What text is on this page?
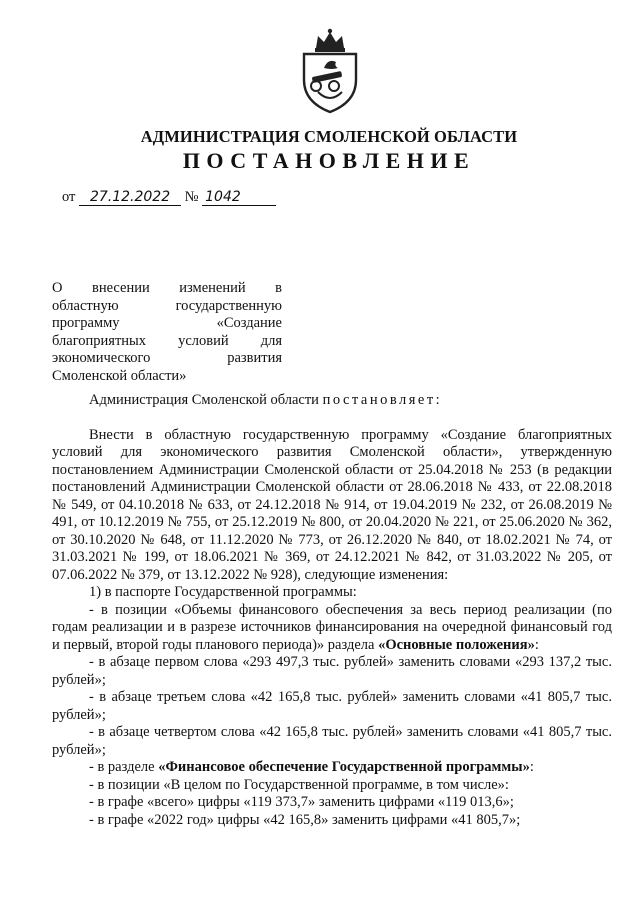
АДМИНИСТРАЦИЯ СМОЛЕНСКОЙ ОБЛАСТИ
ПОСТАНОВЛЕНИЕ
от 27.12.2022 № 1042
О внесении изменений в
областную государственную
программу «Создание
благоприятных условий для
экономического развития
Смоленской области»

Администрация Смоленской области постановляет:

Внести в областную государственную программу «Создание благоприятных условий для экономического развития Смоленской области», утвержденную постановлением Администрации Смоленской области от 25.04.2018 № 253 (в редакции постановлений Администрации Смоленской области от 28.06.2018 № 433, от 22.08.2018 № 549, от 04.10.2018 № 633, от 24.12.2018 № 914, от 19.04.2019 № 232, от 26.08.2019 № 491, от 10.12.2019 № 755, от 25.12.2019 № 800, от 20.04.2020 № 221, от 25.06.2020 № 362, от 30.10.2020 № 648, от 11.12.2020 № 773, от 26.12.2020 № 840, от 18.02.2021 № 74, от 31.03.2021 № 199, от 18.06.2021 № 369, от 24.12.2021 № 842, от 31.03.2022 № 205, от 07.06.2022 № 379, от 13.12.2022 № 928), следующие изменения:

1) в паспорте Государственной программы:

- в позиции «Объемы финансового обеспечения за весь период реализации (по годам реализации и в разрезе источников финансирования на очередной финансовый год и первый, второй годы планового периода)» раздела «Основные положения»:

- в абзаце первом слова «293 497,3 тыс. рублей» заменить словами «293 137,2 тыс. рублей»;

- в абзаце третьем слова «42 165,8 тыс. рублей» заменить словами «41 805,7 тыс. рублей»;

- в абзаце четвертом слова «42 165,8 тыс. рублей» заменить словами «41 805,7 тыс. рублей»;

- в разделе «Финансовое обеспечение Государственной программы»:

- в позиции «В целом по Государственной программе, в том числе»:

- в графе «всего» цифры «119 373,7» заменить цифрами «119 013,6»;

- в графе «2022 год» цифры «42 165,8» заменить цифрами «41 805,7»;
